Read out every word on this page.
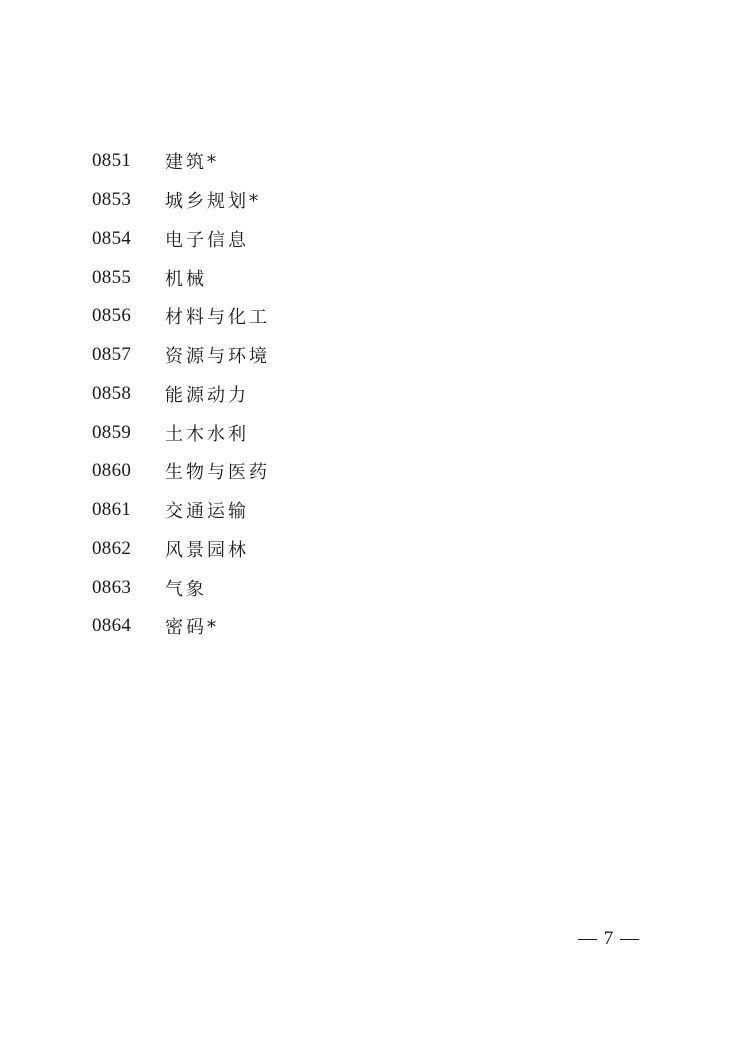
0851	建筑*
0853	城乡规划*
0854	电子信息
0855	机械
0856	材料与化工
0857	资源与环境
0858	能源动力
0859	土木水利
0860	生物与医药
0861	交通运输
0862	风景园林
0863	气象
0864	密码*
— 7 —
